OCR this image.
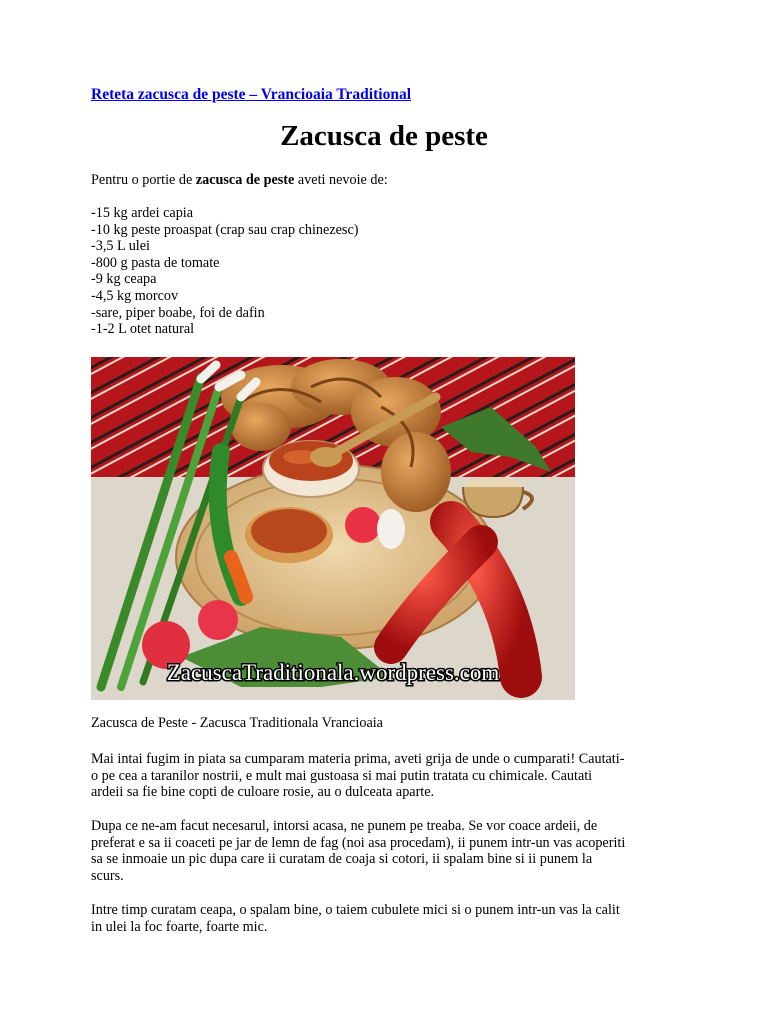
Reteta zacusca de peste – Vrancioaia Traditional
Zacusca de peste
Pentru o portie de zacusca de peste aveti nevoie de:
-15 kg ardei capia
-10 kg peste proaspat (crap sau crap chinezesc)
-3,5 L ulei
-800 g pasta de tomate
-9 kg ceapa
-4,5 kg morcov
-sare, piper boabe, foi de dafin
-1-2 L otet natural
ZacuscaTraditionala.wordpress.com
Zacusca de Peste - Zacusca Traditionala Vrancioaia
Mai intai fugim in piata sa cumparam materia prima, aveti grija de unde o cumparati! Cautati-
o pe cea a taranilor nostrii, e mult mai gustoasa si mai putin tratata cu chimicale. Cautati
ardeii sa fie bine copti de culoare rosie, au o dulceata aparte.
Dupa ce ne-am facut necesarul, intorsi acasa, ne punem pe treaba. Se vor coace ardeii, de
preferat e sa ii coaceti pe jar de lemn de fag (noi asa procedam), ii punem intr-un vas acoperiti
sa se inmoaie un pic dupa care ii curatam de coaja si cotori, ii spalam bine si ii punem la
scurs.
Intre timp curatam ceapa, o spalam bine, o taiem cubulete mici si o punem intr-un vas la calit
in ulei la foc foarte, foarte mic.
